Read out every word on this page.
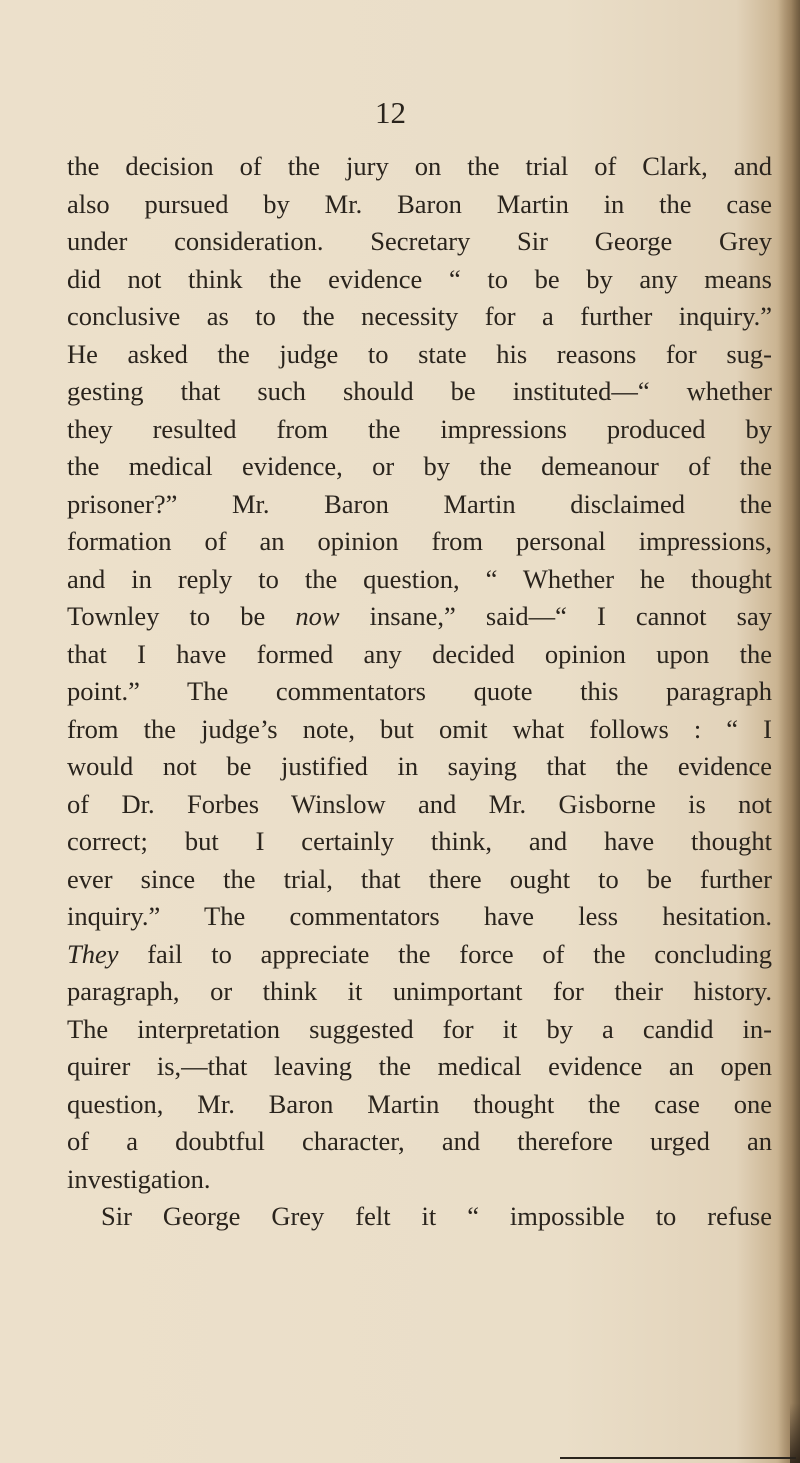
12
the decision of the jury on the trial of Clark, and
also pursued by Mr. Baron Martin in the case
under consideration. Secretary Sir George Grey
did not think the evidence “ to be by any means
conclusive as to the necessity for a further inquiry.”
He asked the judge to state his reasons for sug-
gesting that such should be instituted—“ whether
they resulted from the impressions produced by
the medical evidence, or by the demeanour of the
prisoner?” Mr. Baron Martin disclaimed the
formation of an opinion from personal impressions,
and in reply to the question, “ Whether he thought
Townley to be now insane,” said—“ I cannot say
that I have formed any decided opinion upon the
point.” The commentators quote this paragraph
from the judge’s note, but omit what follows : “ I
would not be justified in saying that the evidence
of Dr. Forbes Winslow and Mr. Gisborne is not
correct; but I certainly think, and have thought
ever since the trial, that there ought to be further
inquiry.” The commentators have less hesitation.
They fail to appreciate the force of the concluding
paragraph, or think it unimportant for their history.
The interpretation suggested for it by a candid in-
quirer is,—that leaving the medical evidence an open
question, Mr. Baron Martin thought the case one
of a doubtful character, and therefore urged an
investigation.
Sir George Grey felt it “ impossible to refuse
